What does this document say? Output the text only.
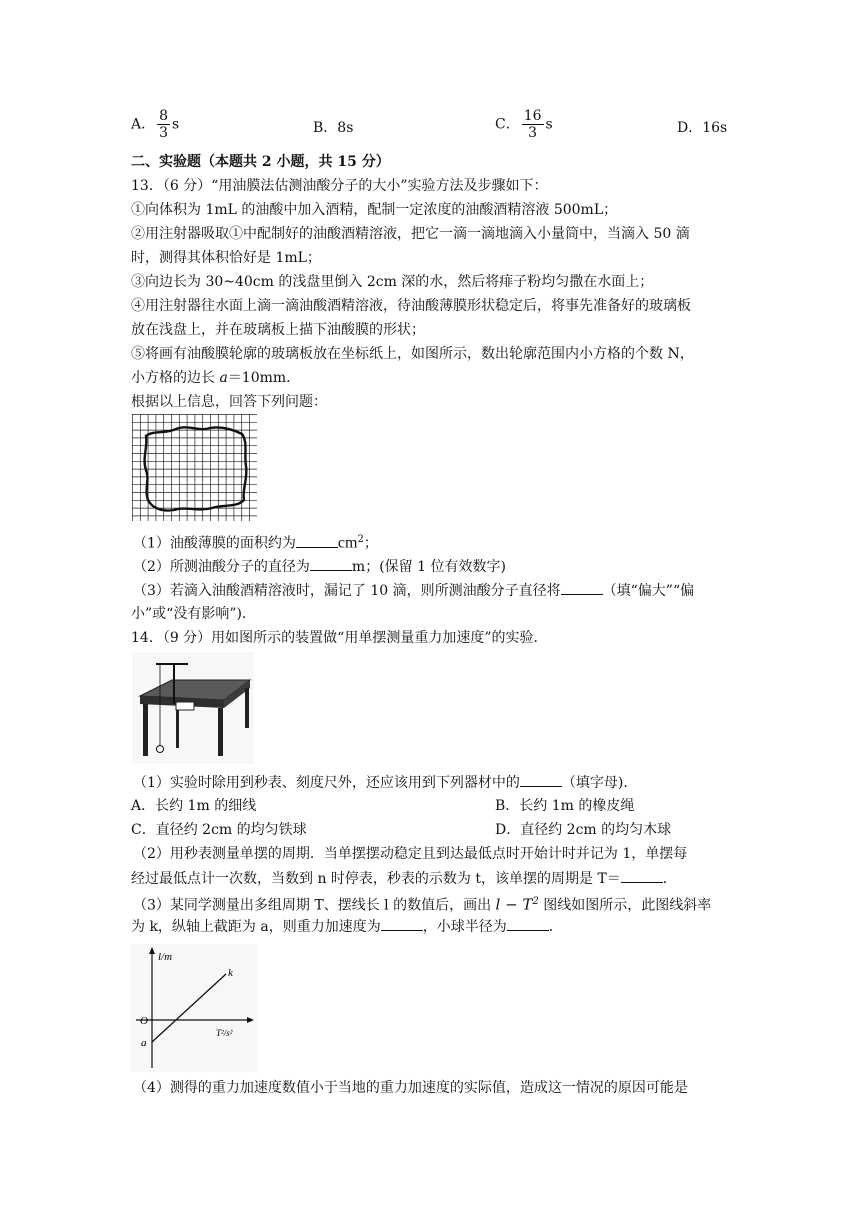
A． $\frac{8}{3}$ s	B．8s	C． $\frac{16}{3}$ s	D．16s
二、实验题（本题共 2 小题，共 15 分）
13．（6 分）“用油膜法估测油酸分子的大小”实验方法及步骤如下：
①向体积为 1mL 的油酸中加入酒精，配制一定浓度的油酸酒精溶液 500mL；
②用注射器吸取①中配制好的油酸酒精溶液，把它一滴一滴地滴入小量筒中，当滴入 50 滴
时，测得其体积恰好是 1mL；
③向边长为 30~40cm 的浅盘里倒入 2cm 深的水，然后将痱子粉均匀撒在水面上；
④用注射器往水面上滴一滴油酸酒精溶液，待油酸薄膜形状稳定后，将事先准备好的玻璃板
放在浅盘上，并在玻璃板上描下油酸膜的形状；
⑤将画有油酸膜轮廓的玻璃板放在坐标纸上，如图所示，数出轮廓范围内小方格的个数 N，
小方格的边长 a＝10mm．
根据以上信息，回答下列问题：
（1）油酸薄膜的面积约为	$cm^2$；
（2）所测油酸分子的直径为	m；(保留 1 位有效数字)
（3）若滴入油酸酒精溶液时，漏记了 10 滴，则所测油酸分子直径将	（填“偏大”“偏
小”或“没有影响”).
14．（9 分）用如图所示的装置做“用单摆测量重力加速度”的实验．
（1）实验时除用到秒表、刻度尺外，还应该用到下列器材中的	（填字母)．
A．长约 1m 的细线	B．长约 1m 的橡皮绳
C．直径约 2cm 的均匀铁球	D．直径约 2cm 的均匀木球
（2）用秒表测量单摆的周期．当单摆摆动稳定且到达最低点时开始计时并记为 1，单摆每
经过最低点计一次数，当数到 n 时停表，秒表的示数为 t，该单摆的周期是 T＝	．
（3）某同学测量出多组周期 T、摆线长 l 的数值后，画出 $l - T^2$ 图线如图所示，此图线斜率
为 k，纵轴上截距为 a，则重力加速度为	，小球半径为	．
l/m
T²/s²
k
O
a
（4）测得的重力加速度数值小于当地的重力加速度的实际值，造成这一情况的原因可能是
